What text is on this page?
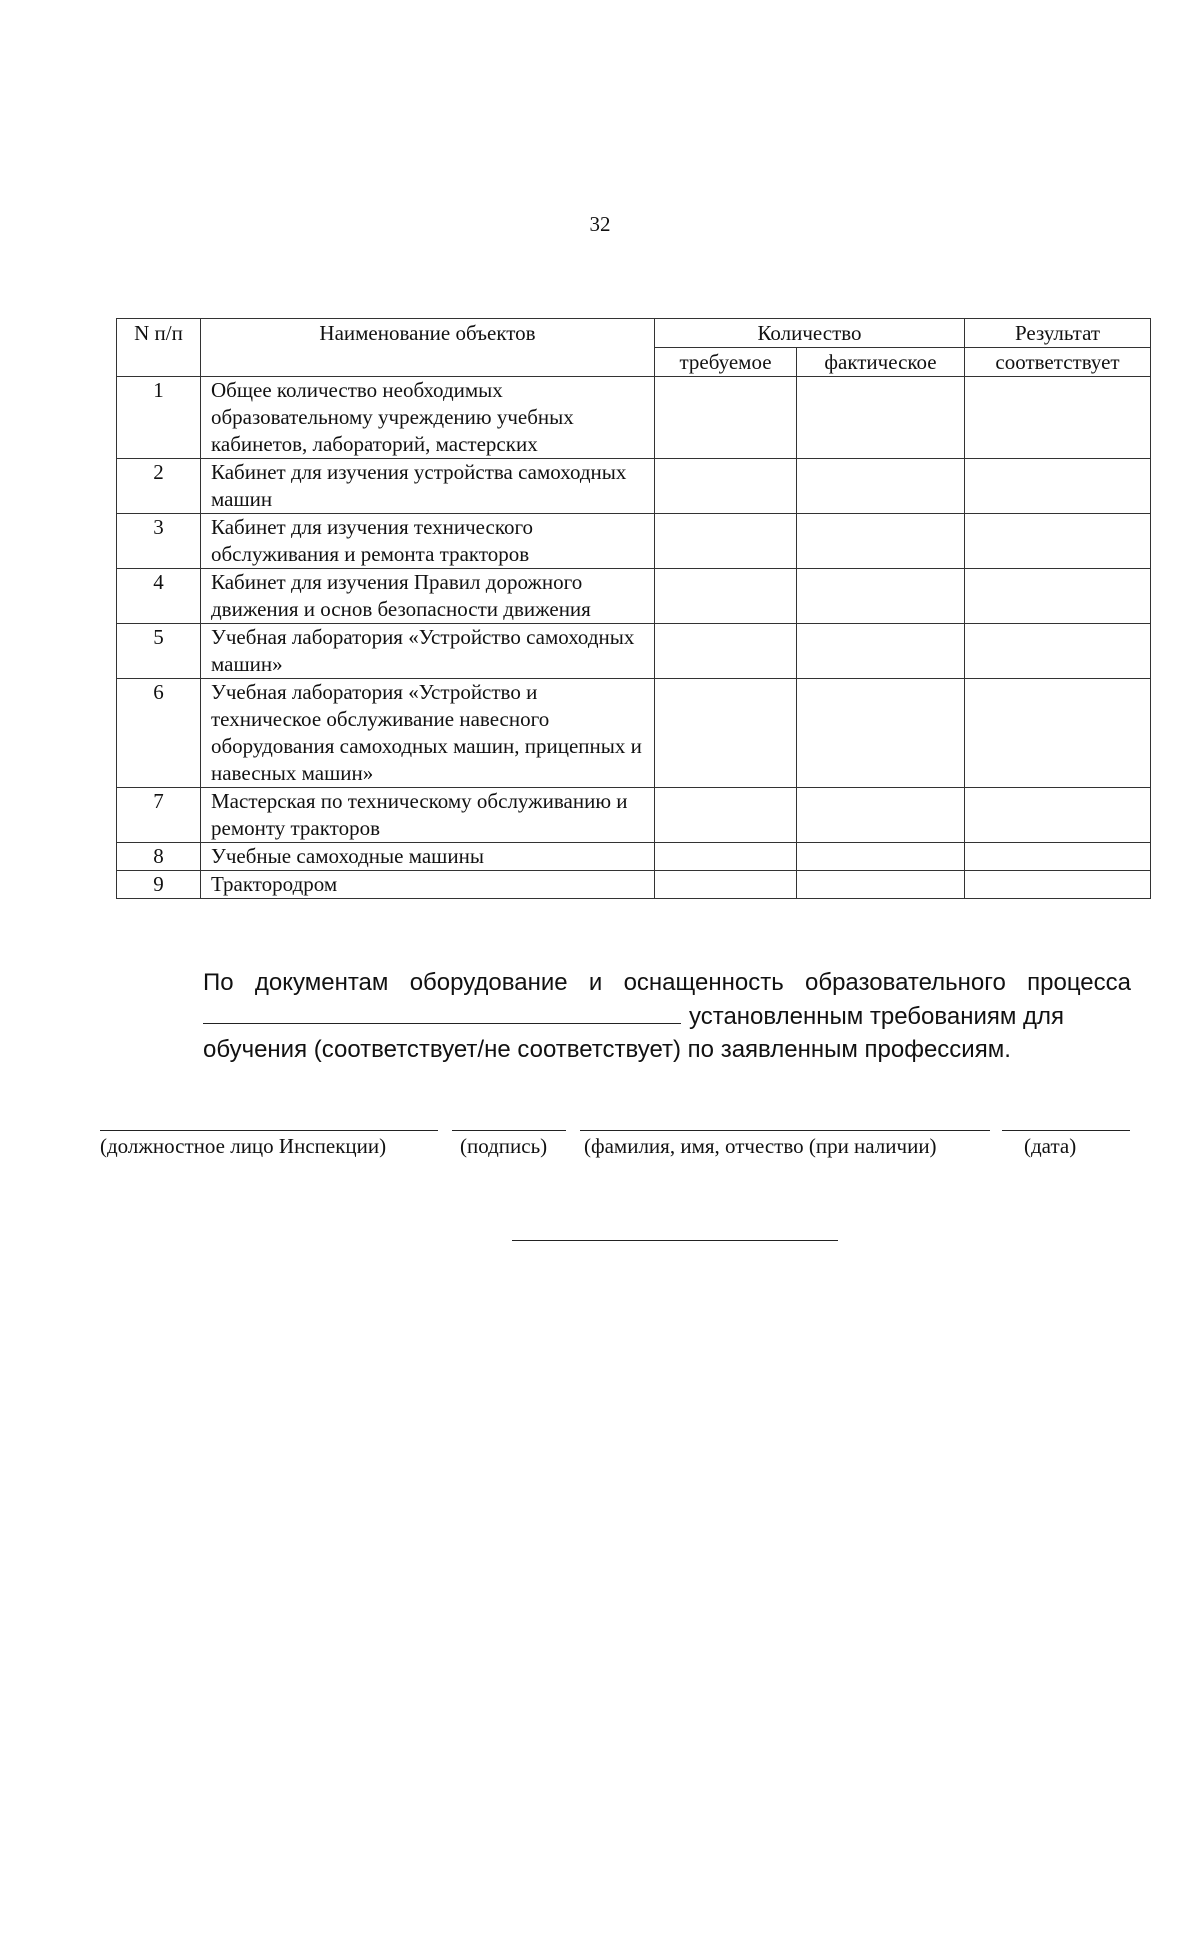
32
N п/п	Наименование объектов	Количество		Результат
		требуемое	фактическое	соответствует
1	Общее количество необходимых образовательному учреждению учебных кабинетов, лабораторий, мастерских			
2	Кабинет для изучения устройства самоходных машин			
3	Кабинет для изучения технического обслуживания и ремонта тракторов			
4	Кабинет для изучения Правил дорожного движения и основ безопасности движения			
5	Учебная лаборатория «Устройство самоходных машин»			
6	Учебная лаборатория «Устройство и техническое обслуживание навесного оборудования самоходных машин, прицепных и навесных машин»			
7	Мастерская по техническому обслуживанию и ремонту тракторов			
8	Учебные самоходные машины			
9	Трактородром			
По документам оборудование и оснащенность образовательного процесса
установленным требованиям для
обучения (соответствует/не соответствует) по заявленным профессиям.
(должностное лицо Инспекции)	(подпись) (фамилия, имя, отчество (при наличии)	(дата)
